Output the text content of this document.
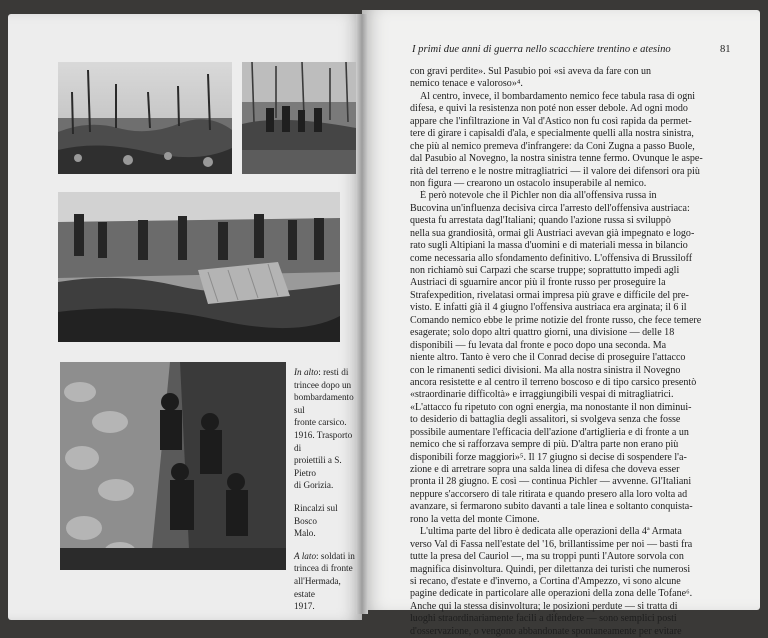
In alto: resti di
trincee dopo un
bombardamento sul
fronte carsico.
1916. Trasporto di
proiettili a S. Pietro
di Gorizia.

Rincalzi sul Bosco
Malo.

A lato: soldati in
trincea di fronte
all'Hermada, estate
1917.

I primi due anni di guerra nello scacchiere trentino e atesino	81
con gravi perdite». Sul Pasubio poi «si aveva da fare con un
nemico tenace e valoroso»⁴.
Al centro, invece, il bombardamento nemico fece tabula rasa di ogni
difesa, e quivi la resistenza non poté non esser debole. Ad ogni modo
appare che l'infiltrazione in Val d'Astico non fu così rapida da permet-
tere di girare i capisaldi d'ala, e specialmente quelli alla nostra sinistra,
che più al nemico premeva d'infrangere: da Coni Zugna a passo Buole,
dal Pasubio al Novegno, la nostra sinistra tenne fermo. Ovunque le aspe-
rità del terreno e le nostre mitragliatrici — il valore dei difensori ora più
non figura — crearono un ostacolo insuperabile al nemico.
È però notevole che il Pichler non dia all'offensiva russa in
Bucovina un'influenza decisiva circa l'arresto dell'offensiva austriaca:
questa fu arrestata dagl'Italiani; quando l'azione russa si sviluppò
nella sua grandiosità, ormai gli Austriaci avevan già impegnato e logo-
rato sugli Altipiani la massa d'uomini e di materiali messa in bilancio
come necessaria allo sfondamento definitivo. L'offensiva di Brussiloff
non richiamò sui Carpazi che scarse truppe; soprattutto impedì agli
Austriaci di sguarnire ancor più il fronte russo per proseguire la
Strafexpedition, rivelatasi ormai impresa più grave e difficile del pre-
visto. E infatti già il 4 giugno l'offensiva austriaca era arginata; il 6 il
Comando nemico ebbe le prime notizie del fronte russo, che fece temere
esagerate; solo dopo altri quattro giorni, una divisione — delle 18
disponibili — fu levata dal fronte e poco dopo una seconda. Ma
niente altro. Tanto è vero che il Conrad decise di proseguire l'attacco
con le rimanenti sedici divisioni. Ma alla nostra sinistra il Novegno
ancora resistette e al centro il terreno boscoso e di tipo carsico presentò
«straordinarie difficoltà» e irraggiungibili vespai di mitragliatrici.
«L'attacco fu ripetuto con ogni energia, ma nonostante il non diminui-
to desiderio di battaglia degli assalitori, si svolgeva senza che fosse
possibile aumentare l'efficacia dell'azione d'artiglieria e di fronte a un
nemico che si rafforzava sempre di più. D'altra parte non erano più
disponibili forze maggiori»⁵. Il 17 giugno si decise di sospendere l'a-
zione e di arretrare sopra una salda linea di difesa che doveva esser
pronta il 28 giugno. E così — continua Pichler — avvenne. Gl'Italiani
neppure s'accorsero di tale ritirata e quando presero alla loro volta ad
avanzare, si fermarono subito davanti a tale linea e soltanto conquista-
rono la vetta del monte Cimone.
L'ultima parte del libro è dedicata alle operazioni della 4ª Armata
verso Val di Fassa nell'estate del '16, brillantissime per noi — basti fra
tutte la presa del Cauriol —, ma su troppi punti l'Autore sorvola con
magnifica disinvoltura. Quindi, per dilettanza dei turisti che numerosi
si recano, d'estate e d'inverno, a Cortina d'Ampezzo, vi sono alcune
pagine dedicate in particolare alle operazioni della zona delle Tofane⁶.
Anche qui la stessa disinvoltura; le posizioni perdute — si tratta di
luoghi straordinariamente facili a difendere — sono semplici posti
d'osservazione, o vengono abbandonate spontaneamente per evitare
